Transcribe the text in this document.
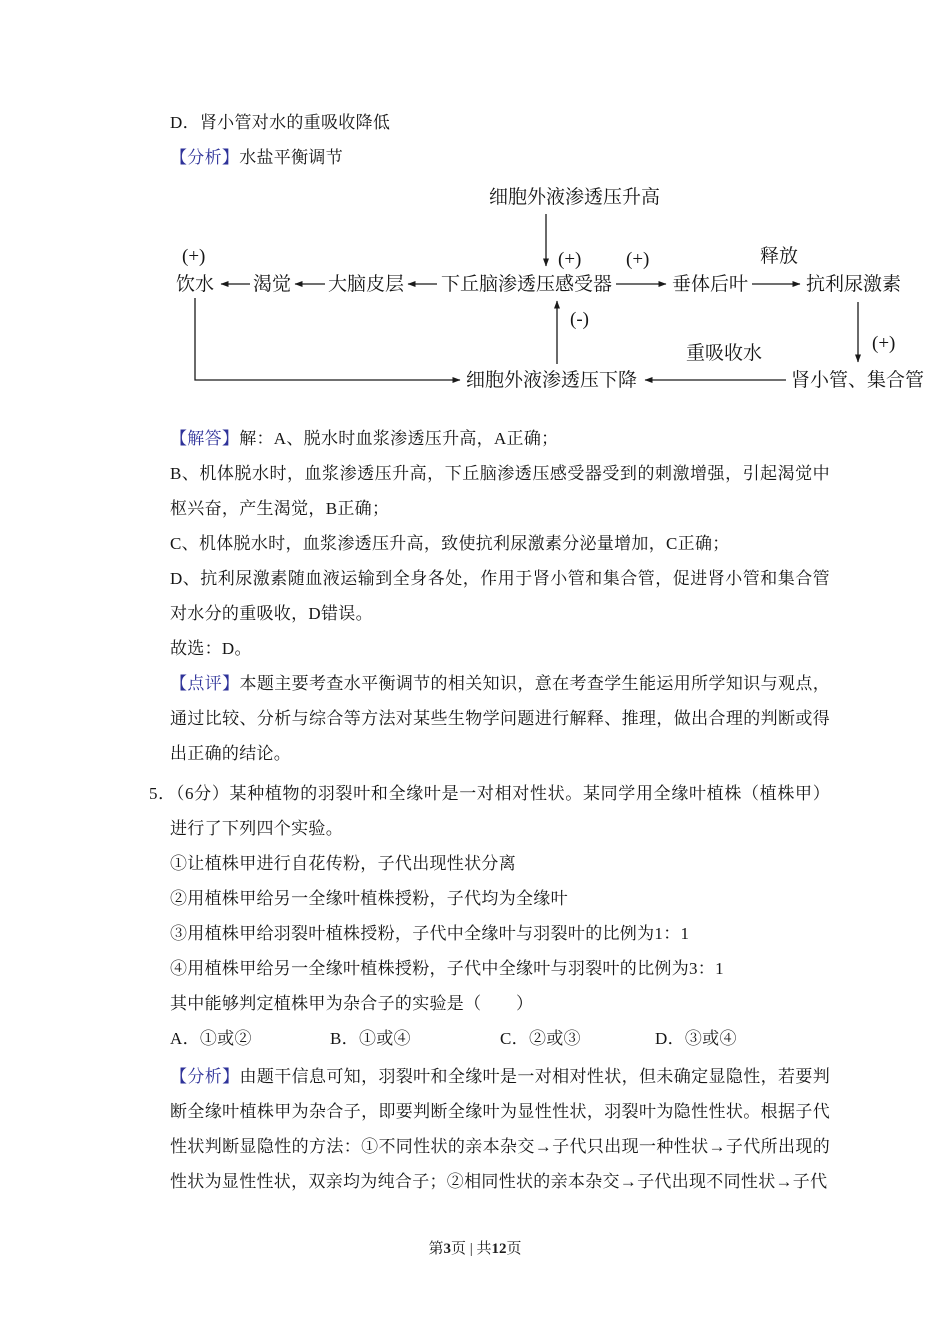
D．肾小管对水的重吸收降低

【分析】水盐平衡调节

细胞外液渗透压升高
饮水 渴觉 大脑皮层 下丘脑渗透压感受器	垂体后叶	抗利尿激素
肾小管、集合管
细胞外液渗透压下降
释放
重吸收水
(+)	(+) (+)
(+)
(-)

【解答】解：A、脱水时血浆渗透压升高，A正确；

B、机体脱水时，血浆渗透压升高，下丘脑渗透压感受器受到的刺激增强，引起渴觉中枢兴奋，产生渴觉，B正确；

C、机体脱水时，血浆渗透压升高，致使抗利尿激素分泌量增加，C正确；

D、抗利尿激素随血液运输到全身各处，作用于肾小管和集合管，促进肾小管和集合管对水分的重吸收，D错误。

故选：D。

【点评】本题主要考查水平衡调节的相关知识，意在考查学生能运用所学知识与观点，通过比较、分析与综合等方法对某些生物学问题进行解释、推理，做出合理的判断或得出正确的结论。

5．（6分）某种植物的羽裂叶和全缘叶是一对相对性状。某同学用全缘叶植株（植株甲）进行了下列四个实验。

①让植株甲进行自花传粉，子代出现性状分离

②用植株甲给另一全缘叶植株授粉，子代均为全缘叶

③用植株甲给羽裂叶植株授粉，子代中全缘叶与羽裂叶的比例为1：1

④用植株甲给另一全缘叶植株授粉，子代中全缘叶与羽裂叶的比例为3：1

其中能够判定植株甲为杂合子的实验是（　　）

A．①或②	B．①或④	C．②或③	D．③或④

【分析】由题干信息可知，羽裂叶和全缘叶是一对相对性状，但未确定显隐性，若要判断全缘叶植株甲为杂合子，即要判断全缘叶为显性性状，羽裂叶为隐性性状。根据子代性状判断显隐性的方法：①不同性状的亲本杂交→子代只出现一种性状→子代所出现的性状为显性性状，双亲均为纯合子；②相同性状的亲本杂交→子代出现不同性状→子代

第3页 | 共12页
